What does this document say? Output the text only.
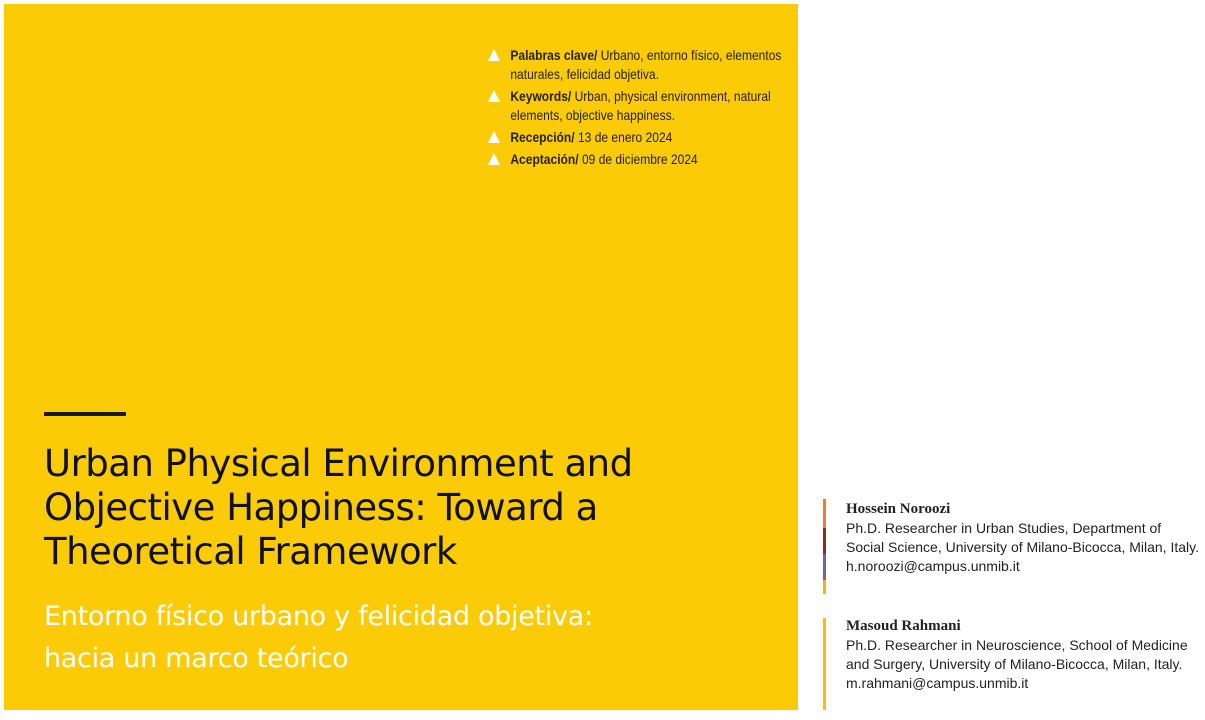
Palabras clave/ Urbano, entorno físico, elementos naturales, felicidad objetiva.
Keywords/ Urban, physical environment, natural elements, objective happiness.
Recepción/ 13 de enero 2024
Aceptación/ 09 de diciembre 2024
Urban Physical Environment and Objective Happiness: Toward a Theoretical Framework
Entorno físico urbano y felicidad objetiva: hacia un marco teórico
Hossein Noroozi
Ph.D. Researcher in Urban Studies, Department of Social Science, University of Milano-Bicocca, Milan, Italy.
h.noroozi@campus.unmib.it
Masoud Rahmani
Ph.D. Researcher in Neuroscience, School of Medicine and Surgery, University of Milano-Bicocca, Milan, Italy.
m.rahmani@campus.unmib.it
